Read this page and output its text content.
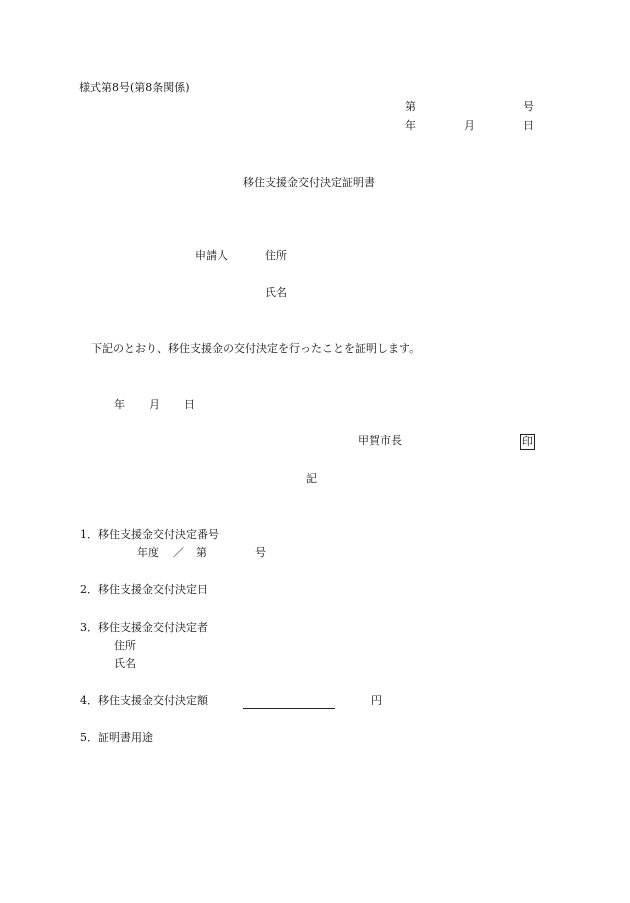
様式第8号(第8条関係)
第	号
年	月	日
移住支援金交付決定証明書
申請人	住所
氏名
下記のとおり、移住支援金の交付決定を行ったことを証明します。
年 月 日
甲賀市長	印
記
1．移住支援金交付決定番号
年度 ／ 第	号
2．移住支援金交付決定日
3．移住支援金交付決定者
住所
氏名
4．移住支援金交付決定額	円
5．証明書用途
